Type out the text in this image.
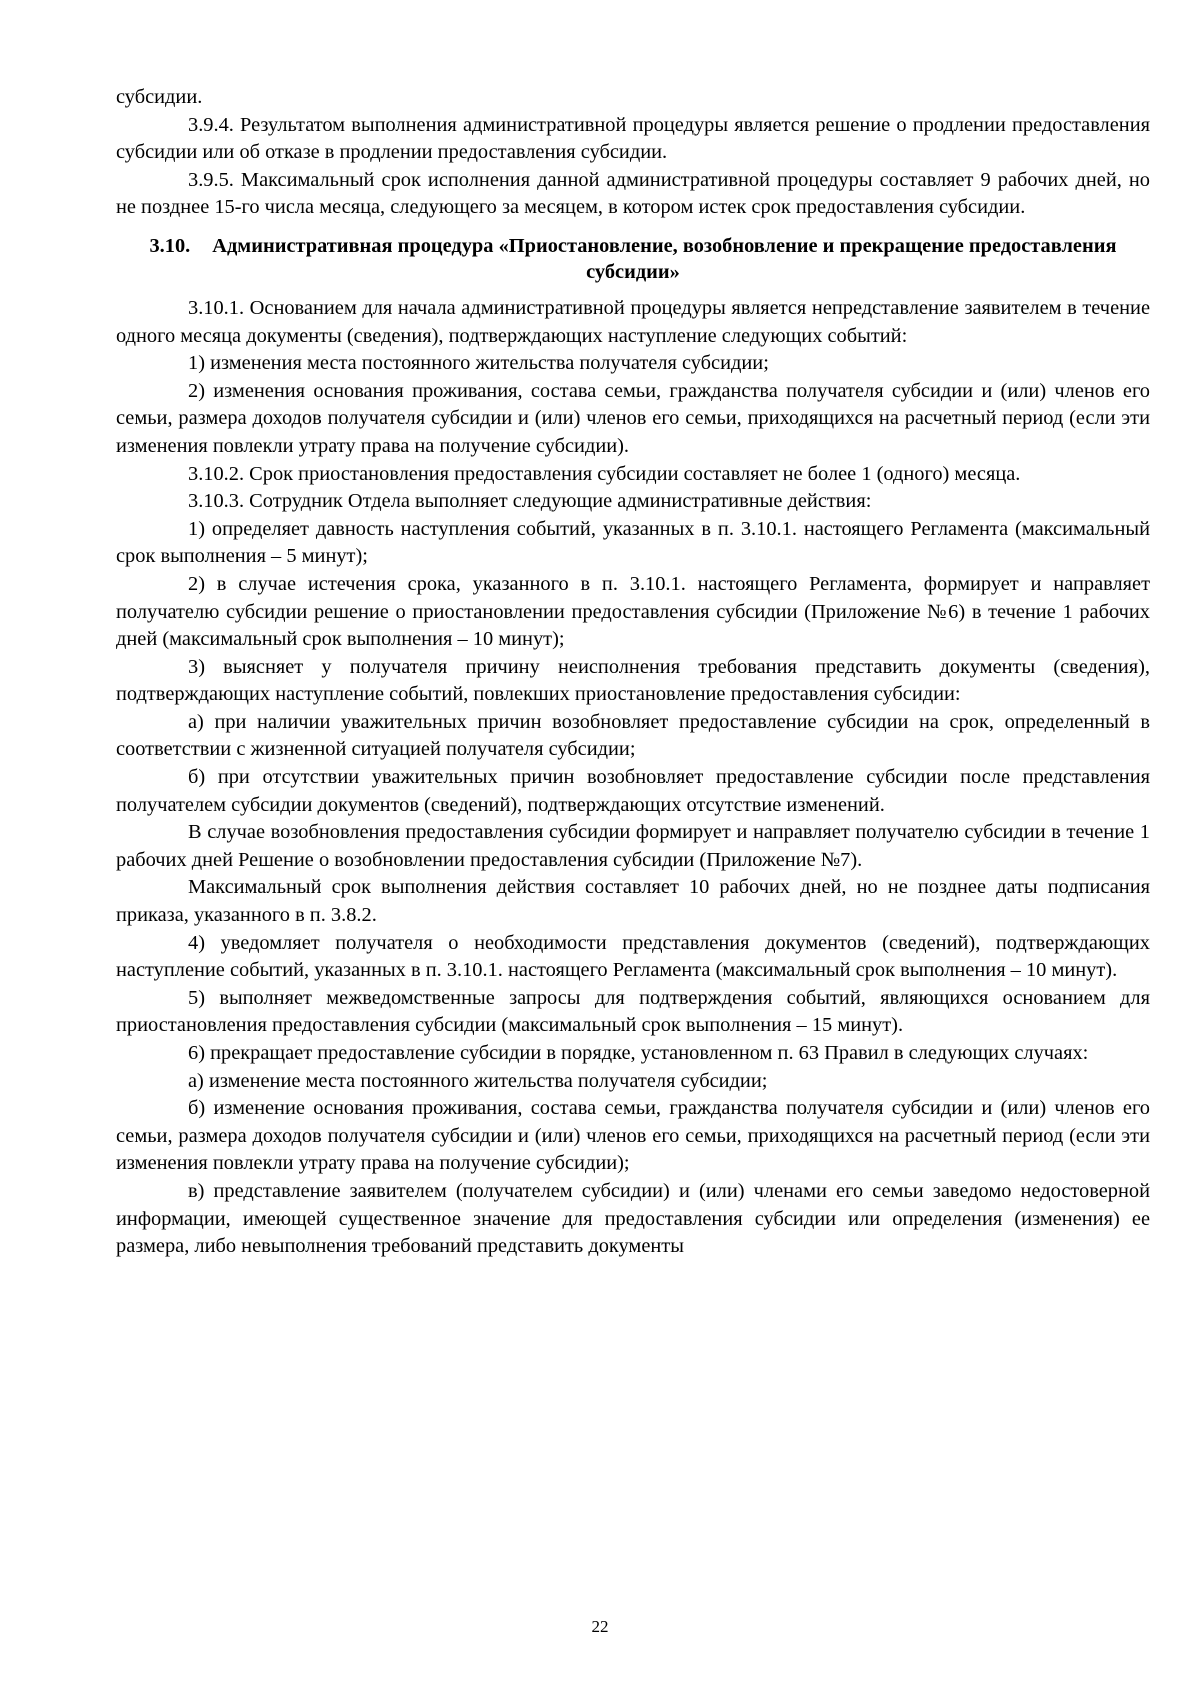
субсидии.

3.9.4. Результатом выполнения административной процедуры является решение о продлении предоставления субсидии или об отказе в продлении предоставления субсидии.

3.9.5. Максимальный срок исполнения данной административной процедуры составляет 9 рабочих дней, но не позднее 15-го числа месяца, следующего за месяцем, в котором истек срок предоставления субсидии.

3.10. Административная процедура «Приостановление, возобновление и прекращение предоставления субсидии»

3.10.1. Основанием для начала административной процедуры является непредставление заявителем в течение одного месяца документы (сведения), подтверждающих наступление следующих событий:

1) изменения места постоянного жительства получателя субсидии;

2) изменения основания проживания, состава семьи, гражданства получателя субсидии и (или) членов его семьи, размера доходов получателя субсидии и (или) членов его семьи, приходящихся на расчетный период (если эти изменения повлекли утрату права на получение субсидии).

3.10.2. Срок приостановления предоставления субсидии составляет не более 1 (одного) месяца.

3.10.3. Сотрудник Отдела выполняет следующие административные действия:

1) определяет давность наступления событий, указанных в п. 3.10.1. настоящего Регламента (максимальный срок выполнения – 5 минут);

2) в случае истечения срока, указанного в п. 3.10.1. настоящего Регламента, формирует и направляет получателю субсидии решение о приостановлении предоставления субсидии (Приложение №6) в течение 1 рабочих дней (максимальный срок выполнения – 10 минут);

3) выясняет у получателя причину неисполнения требования представить документы (сведения), подтверждающих наступление событий, повлекших приостановление предоставления субсидии:

а) при наличии уважительных причин возобновляет предоставление субсидии на срок, определенный в соответствии с жизненной ситуацией получателя субсидии;

б) при отсутствии уважительных причин возобновляет предоставление субсидии после представления получателем субсидии документов (сведений), подтверждающих отсутствие изменений.

В случае возобновления предоставления субсидии формирует и направляет получателю субсидии в течение 1 рабочих дней Решение о возобновлении предоставления субсидии (Приложение №7).

Максимальный срок выполнения действия составляет 10 рабочих дней, но не позднее даты подписания приказа, указанного в п. 3.8.2.

4) уведомляет получателя о необходимости представления документов (сведений), подтверждающих наступление событий, указанных в п. 3.10.1. настоящего Регламента (максимальный срок выполнения – 10 минут).

5) выполняет межведомственные запросы для подтверждения событий, являющихся основанием для приостановления предоставления субсидии (максимальный срок выполнения – 15 минут).

6) прекращает предоставление субсидии в порядке, установленном п. 63 Правил в следующих случаях:

а) изменение места постоянного жительства получателя субсидии;

б) изменение основания проживания, состава семьи, гражданства получателя субсидии и (или) членов его семьи, размера доходов получателя субсидии и (или) членов его семьи, приходящихся на расчетный период (если эти изменения повлекли утрату права на получение субсидии);

в) представление заявителем (получателем субсидии) и (или) членами его семьи заведомо недостоверной информации, имеющей существенное значение для предоставления субсидии или определения (изменения) ее размера, либо невыполнения требований представить документы

22
